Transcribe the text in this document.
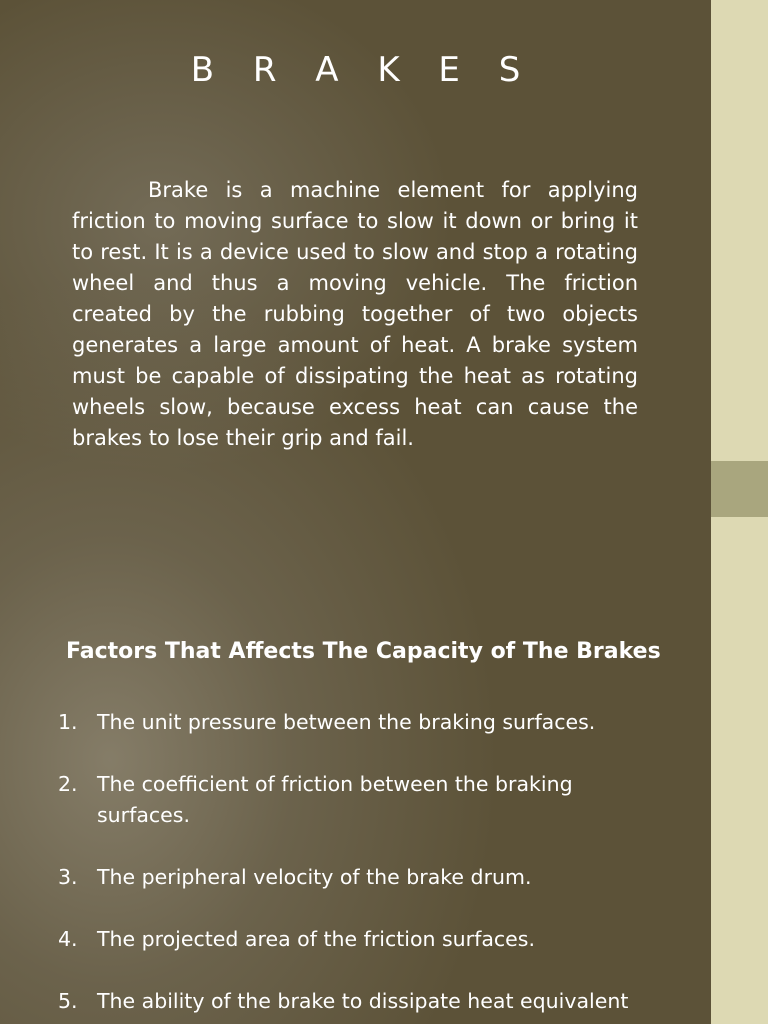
B R A K E S

Brake is a machine element for applying friction to moving surface to slow it down or bring it to rest. It is a device used to slow and stop a rotating wheel and thus a moving vehicle. The friction created by the rubbing together of two objects generates a large amount of heat. A brake system must be capable of dissipating the heat as rotating wheels slow, because excess heat can cause the brakes to lose their grip and fail.

Factors That Affects The Capacity of The Brakes
1. The unit pressure between the braking surfaces.
2. The coefficient of friction between the braking surfaces.
3. The peripheral velocity of the brake drum.
4. The projected area of the friction surfaces.
5. The ability of the brake to dissipate heat equivalent
